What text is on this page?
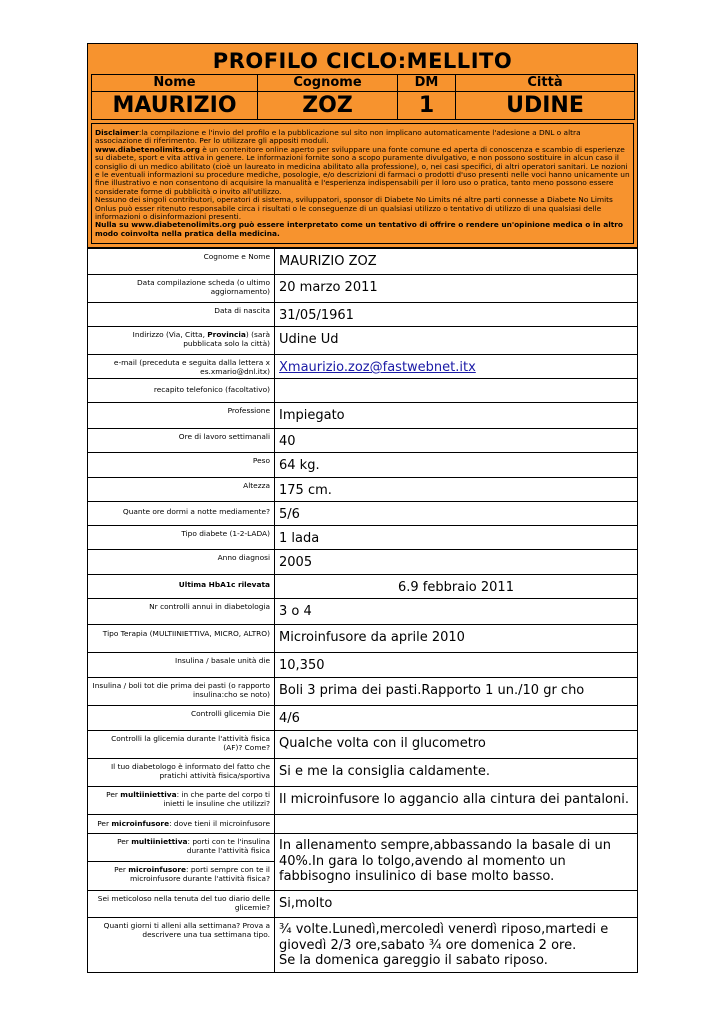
PROFILO CICLO:MELLITO
Nome	Cognome	DM	Città
MAURIZIO	ZOZ	1	UDINE
Disclaimer:la compilazione e l'invio del profilo e la pubblicazione sul sito non implicano automaticamente l'adesione a DNL o altra associazione di riferimento. Per lo utilizzare gli appositi moduli.
www.diabetenolimits.org è un contenitore online aperto per sviluppare una fonte comune ed aperta di conoscenza e scambio di esperienze su diabete, sport e vita attiva in genere. Le informazioni fornite sono a scopo puramente divulgativo, e non possono sostituire in alcun caso il consiglio di un medico abilitato (cioè un laureato in medicina abilitato alla professione), o, nei casi specifici, di altri operatori sanitari. Le nozioni e le eventuali informazioni su procedure mediche, posologie, e/o descrizioni di farmaci o prodotti d'uso presenti nelle voci hanno unicamente un fine illustrativo e non consentono di acquisire la manualità e l'esperienza indispensabili per il loro uso o pratica, tanto meno possono essere considerate forme di pubblicità o invito all'utilizzo.
Nessuno dei singoli contributori, operatori di sistema, sviluppatori, sponsor di Diabete No Limits né altre parti connesse a Diabete No Limits Onlus può esser ritenuto responsabile circa i risultati o le conseguenze di un qualsiasi utilizzo o tentativo di utilizzo di una qualsiasi delle informazioni o disinformazioni presenti.
Nulla su www.diabetenolimits.org può essere interpretato come un tentativo di offrire o rendere un'opinione medica o in altro modo coinvolta nella pratica della medicina.
Cognome e Nome	MAURIZIO ZOZ
Data compilazione scheda (o ultimo aggiornamento)	20 marzo 2011
Data di nascita	31/05/1961
Indirizzo (Via, Citta, Provincia) (sarà pubblicata solo la città)	Udine Ud
e-mail (preceduta e seguita dalla lettera x es.xmario@dnl.itx)	Xmaurizio.zoz@fastwebnet.itx
recapito telefonico (facoltativo)	
Professione	Impiegato
Ore di lavoro settimanali	40
Peso	64 kg.
Altezza	175 cm.
Quante ore dormi a notte mediamente?	5/6
Tipo diabete (1-2-LADA)	1 lada
Anno diagnosi	2005
Ultima HbA1c rilevata	6.9 febbraio 2011
Nr controlli annui in diabetologia	3 o 4
Tipo Terapia (MULTIINIETTIVA, MICRO, ALTRO)	Microinfusore da aprile 2010
Insulina / basale unità die	10,350
Insulina / boli tot die prima dei pasti (o rapporto insulina:cho se noto)	Boli 3 prima dei pasti.Rapporto 1 un./10 gr cho
Controlli glicemia Die	4/6
Controlli la glicemia durante l'attività fisica (AF)? Come?	Qualche volta con il glucometro
Il tuo diabetologo è informato del fatto che pratichi attività fisica/sportiva	Si e me la consiglia caldamente.
Per multiiniettiva: in che parte del corpo ti inietti le insuline che utilizzi?	Il microinfusore lo aggancio alla cintura dei pantaloni.
Per microinfusore: dove tieni il microinfusore	
Per multiiniettiva: porti con te l'insulina durante l'attività fisica	In allenamento sempre,abbassando la basale di un 40%.In gara lo tolgo,avendo al momento un fabbisogno insulinico di base molto basso.
Per microinfusore: porti sempre con te il microinfusore durante l'attività fisica?	
Sei meticoloso nella tenuta del tuo diario delle glicemie?	Si,molto
Quanti giorni ti alleni alla settimana? Prova a descrivere una tua settimana tipo.	¾ volte.Lunedì,mercoledì venerdì riposo,martedi e giovedì 2/3 ore,sabato ¾ ore domenica 2 ore.
Se la domenica gareggio il sabato riposo.
